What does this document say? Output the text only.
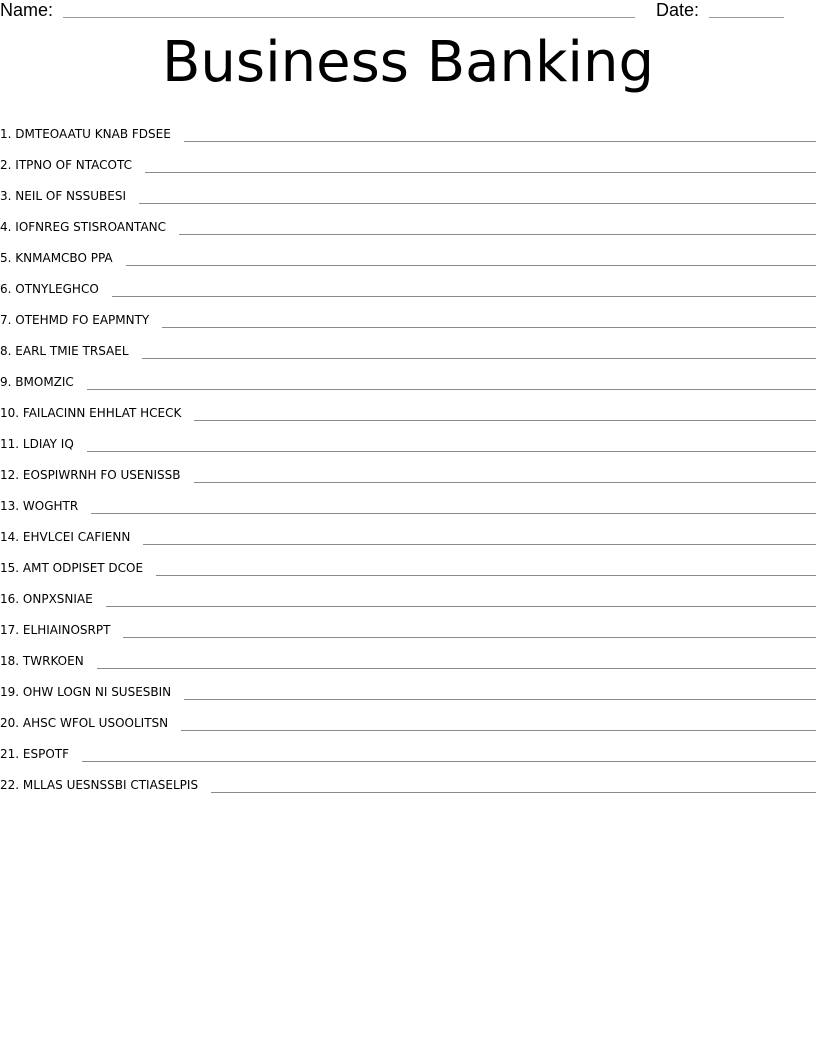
Name:	Date:
Business Banking
1.
DMTEOAATU KNAB FDSEE
2.
ITPNO OF NTACOTC
3.
NEIL OF NSSUBESI
4.
IOFNREG STISROANTANC
5.
KNMAMCBO PPA
6.
OTNYLEGHCO
7.
OTEHMD FO EAPMNTY
8.
EARL TMIE TRSAEL
9.
BMOMZIC
10.
FAILACINN EHHLAT HCECK
11.
LDIAY IQ
12.
EOSPIWRNH FO USENISSB
13.
WOGHTR
14.
EHVLCEI CAFIENN
15.
AMT ODPISET DCOE
16.
ONPXSNIAE
17.
ELHIAINOSRPT
18.
TWRKOEN
19.
OHW LOGN NI SUSESBIN
20.
AHSC WFOL USOOLITSN
21.
ESPOTF
22.
MLLAS UESNSSBI CTIASELPIS
